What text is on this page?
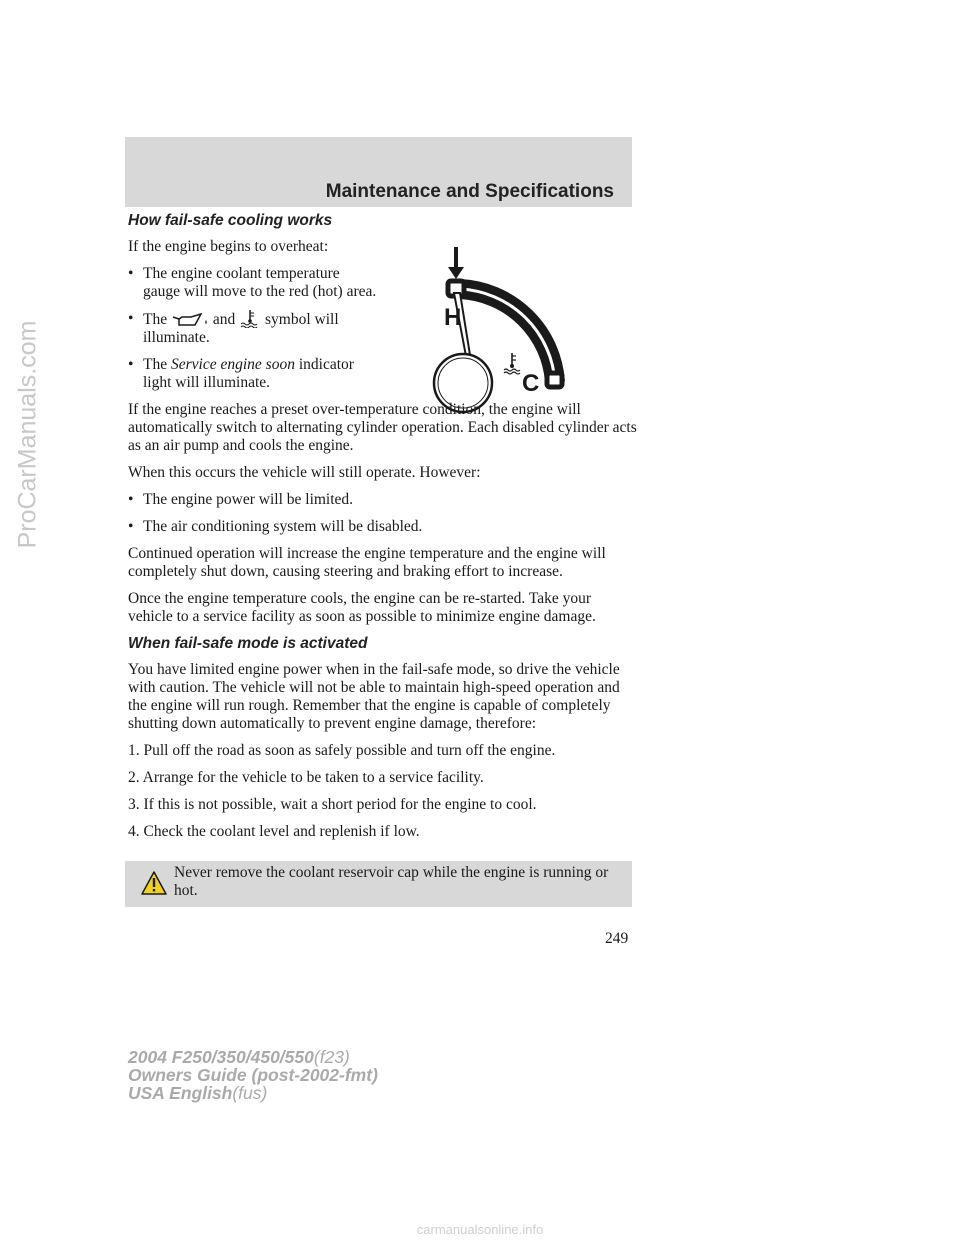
ProCarManuals.com
Maintenance and Specifications
H
C
How fail-safe cooling works

If the engine begins to overheat:

• The engine coolant temperature gauge will move to the red (hot) area.
• The	and symbol will illuminate.
• The Service engine soon indicator light will illuminate.

If the engine reaches a preset over-temperature condition, the engine will automatically switch to alternating cylinder operation. Each disabled cylinder acts as an air pump and cools the engine.

When this occurs the vehicle will still operate. However:

• The engine power will be limited.
• The air conditioning system will be disabled.

Continued operation will increase the engine temperature and the engine will completely shut down, causing steering and braking effort to increase.

Once the engine temperature cools, the engine can be re-started. Take your vehicle to a service facility as soon as possible to minimize engine damage.

When fail-safe mode is activated

You have limited engine power when in the fail-safe mode, so drive the vehicle with caution. The vehicle will not be able to maintain high-speed operation and the engine will run rough. Remember that the engine is capable of completely shutting down automatically to prevent engine damage, therefore:

1. Pull off the road as soon as safely possible and turn off the engine.

2. Arrange for the vehicle to be taken to a service facility.

3. If this is not possible, wait a short period for the engine to cool.

4. Check the coolant level and replenish if low.

Never remove the coolant reservoir cap while the engine is running or hot.
249
2004 F250/350/450/550(f23)
Owners Guide (post-2002-fmt)
USA English(fus)
carmanualsonline.info
